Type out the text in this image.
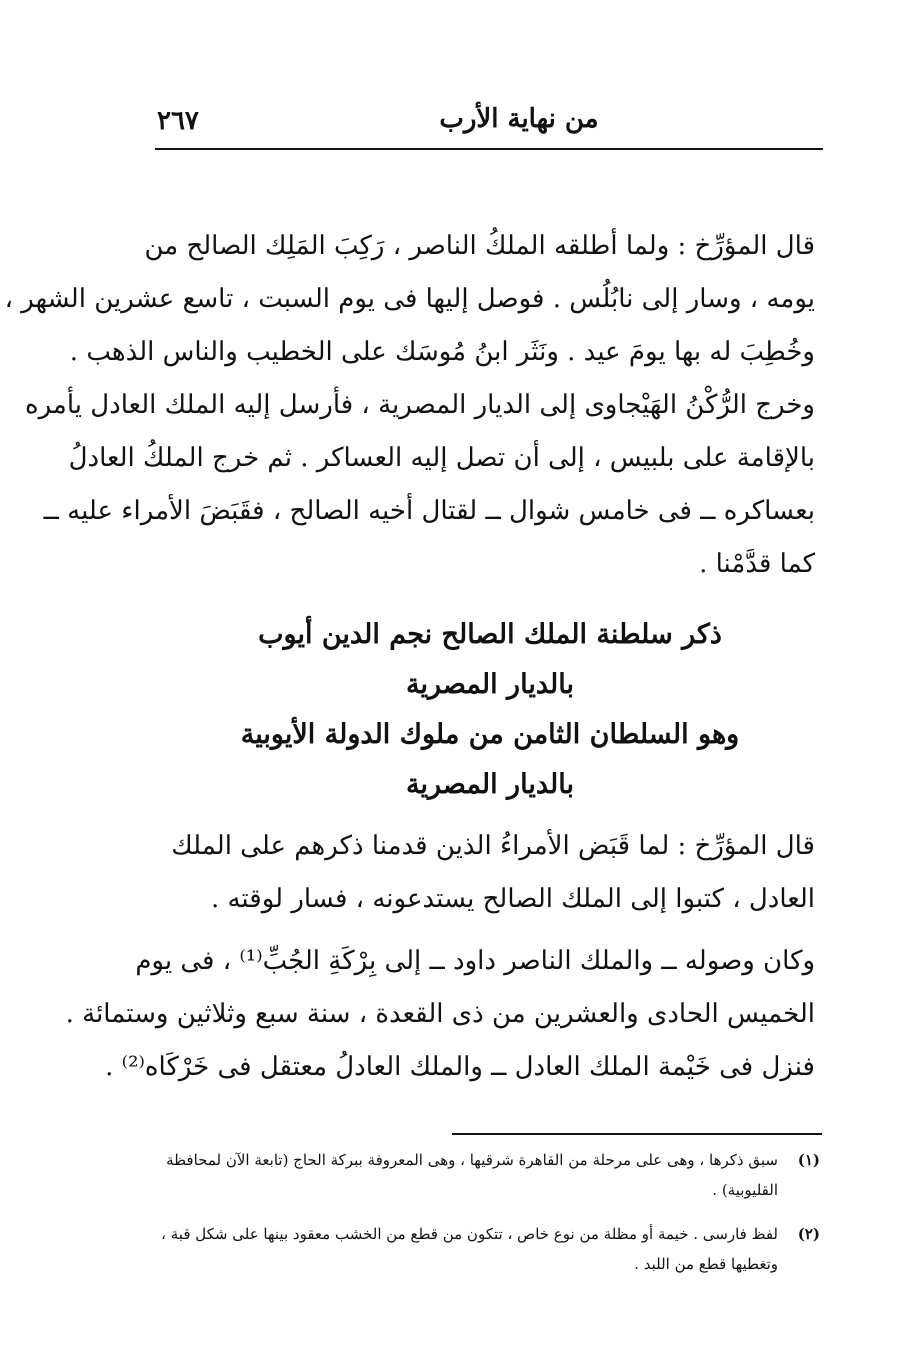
من نهاية الأرب
٢٦٧
قال المؤرِّخ : ولما أطلقه الملكُ الناصر ، رَكِبَ المَلِك الصالح من
يومه ، وسار إلى نابُلُس . فوصل إليها فى يوم السبت ، تاسع عشرين الشهر ،
وخُطِبَ له بها يومَ عيد . ونَثَر ابنُ مُوسَك على الخطيب والناس الذهب .
وخرج الرُّكْنُ الهَيْجاوى إلى الديار المصرية ، فأرسل إليه الملك العادل يأمره
بالإقامة على بلبيس ، إلى أن تصل إليه العساكر . ثم خرج الملكُ العادلُ
بعساكره ــ فى خامس شوال ــ لقتال أخيه الصالح ، فقَبَضَ الأمراء عليه ــ
كما قدَّمْنا .
ذكر سلطنة الملك الصالح نجم الدين أيوب
بالديار المصرية
وهو السلطان الثامن من ملوك الدولة الأيوبية
بالديار المصرية
قال المؤرِّخ : لما قَبَض الأمراءُ الذين قدمنا ذكرهم على الملك
العادل ، كتبوا إلى الملك الصالح يستدعونه ، فسار لوقته .
وكان وصوله ــ والملك الناصر داود ــ إلى بِرْكَةِ الجُبِّ⁽¹⁾ ، فى يوم
الخميس الحادى والعشرين من ذى القعدة ، سنة سبع وثلاثين وستمائة .
فنزل فى خَيْمة الملك العادل ــ والملك العادلُ معتقل فى خَرْكَاه⁽²⁾ .
(١)
سبق ذكرها ، وهى على مرحلة من القاهرة شرقيها ، وهى المعروفة ببركة الحاج (تابعة الآن لمحافظة
القليوبية) .
(٢)
لفظ فارسى . خيمة أو مظلة من نوع خاص ، تتكون من قطع من الخشب معقود بينها على شكل قبة ،
وتغطيها قطع من اللبد .
